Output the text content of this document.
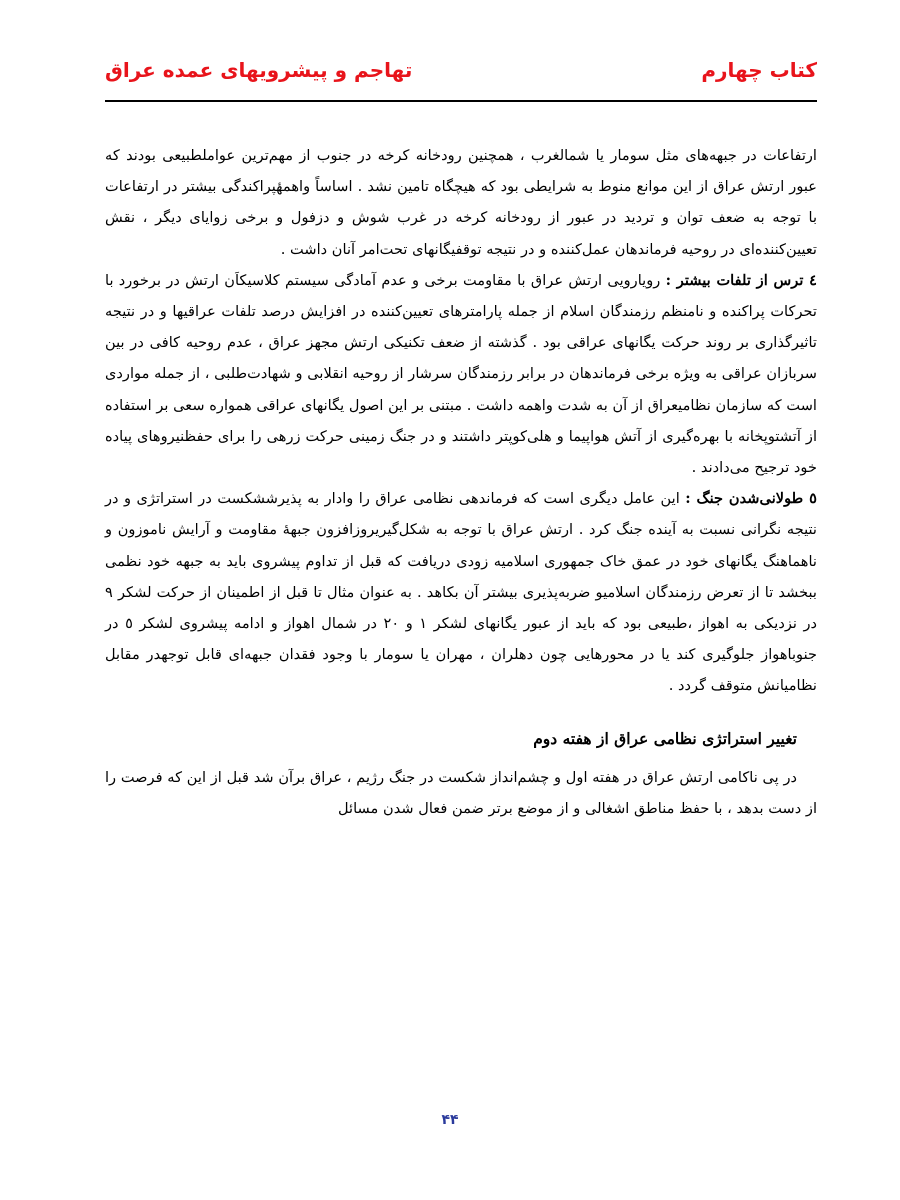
کتاب چهارم
تهاجم و پیشرویهای عمده عراق

ارتفاعات در جبهه‌های مثل سومار یا شمالغرب ، همچنین رودخانه کرخه در جنوب از مهم‌ترین عواملطبیعی بودند که عبور ارتش عراق از این موانع منوط به شرایطی بود که هیچگاه تامین نشد . اساساً واهمهٔپراکندگی بیشتر در ارتفاعات با توجه به ضعف توان و تردید در عبور از رودخانه کرخه در غرب شوش و دزفول و برخی زوایای دیگر ، نقش تعیین‌کننده‌ای در روحیه فرماندهان عمل‌کننده و در نتیجه توقفیگانهای تحت‌امر آنان داشت .

٤ ترس از تلفات بیشتر : رویارویی ارتش عراق با مقاومت برخی و عدم آمادگی سیستم کلاسیکاَن ارتش در برخورد با تحرکات پراکنده و نامنظم رزمندگان اسلام از جمله پارامترهای تعیین‌کننده در افزایش درصد تلفات عراقیها و در نتیجه تاثیرگذاری بر روند حرکت یگانهای عراقی بود . گذشته از ضعف تکنیکی ارتش مجهز عراق ، عدم روحیه کافی در بین سربازان عراقی به ویژه برخی فرماندهان در برابر رزمندگان سرشار از روحیه انقلابی و شهادت‌طلبی ، از جمله مواردی است که سازمان نظامیعراق از آن به شدت واهمه داشت . مبتنی بر این اصول یگانهای عراقی همواره سعی بر استفاده از آتشتوپخانه با بهره‌گیری از آتش هواپیما و هلی‌کوپتر داشتند و در جنگ زمینی حرکت زرهی را برای حفظنیروهای پیاده خود ترجیح می‌دادند .

٥ طولانی‌شدن جنگ : این عامل دیگری است که فرماندهی نظامی عراق را وادار به پذیرششکست در استراتژی و در نتیجه نگرانی نسبت به آینده جنگ کرد . ارتش عراق با توجه به شکل‌گیریروزافزون جبههٔ مقاومت و آرایش ناموزون و ناهماهنگ یگانهای خود در عمق خاک جمهوری اسلامیه زودی دریافت که قبل از تداوم پیشروی باید به جبهه خود نظمی ببخشد تا از تعرض رزمندگان اسلامیو ضربه‌پذیری بیشتر آن بکاهد . به عنوان مثال تا قبل از اطمینان از حرکت لشکر ٩ در نزدیکی به اهواز ،طبیعی بود که باید از عبور یگانهای لشکر ١ و ٢٠ در شمال اهواز و ادامه پیشروی لشکر ٥ در جنوباهواز جلوگیری کند یا در محورهایی چون دهلران ، مهران یا سومار با وجود فقدان جبهه‌ای قابل توجهدر مقابل نظامیانش متوقف گردد .

تغییر استراتژی نظامی عراق از هفته دوم

در پی ناکامی ارتش عراق در هفته اول و چشم‌انداز شکست در جنگ رژیم ، عراق برآن شد قبل از این که فرصت را از دست بدهد ، با حفظ مناطق اشغالی و از موضع برتر ضمن فعال شدن مسائل

۴۴
